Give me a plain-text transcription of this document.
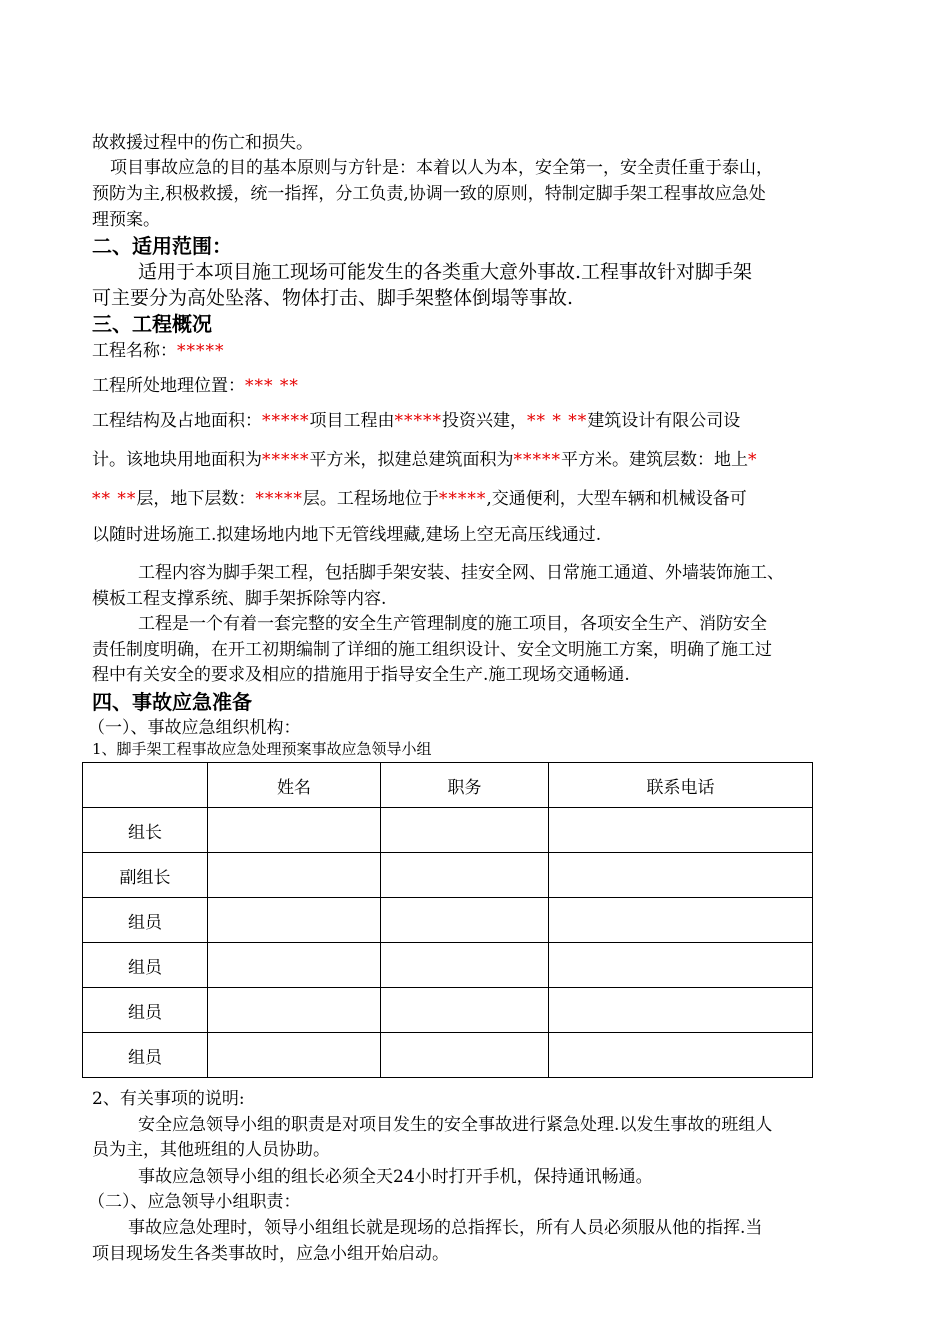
故救援过程中的伤亡和损失。
项目事故应急的目的基本原则与方针是：本着以人为本，安全第一，安全责任重于泰山，
预防为主,积极救援，统一指挥，分工负责,协调一致的原则，特制定脚手架工程事故应急处
理预案。
二、适用范围：
适用于本项目施工现场可能发生的各类重大意外事故.工程事故针对脚手架
可主要分为高处坠落、物体打击、脚手架整体倒塌等事故.
三、工程概况
工程名称：*****
工程所处地理位置：*** **
工程结构及占地面积：*****项目工程由*****投资兴建，** * **建筑设计有限公司设
计。该地块用地面积为*****平方米，拟建总建筑面积为*****平方米。建筑层数：地上*
** **层，地下层数：*****层。工程场地位于*****,交通便利，大型车辆和机械设备可
以随时进场施工.拟建场地内地下无管线埋藏,建场上空无高压线通过.
工程内容为脚手架工程，包括脚手架安装、挂安全网、日常施工通道、外墙装饰施工、
模板工程支撑系统、脚手架拆除等内容.
工程是一个有着一套完整的安全生产管理制度的施工项目，各项安全生产、消防安全
责任制度明确，在开工初期编制了详细的施工组织设计、安全文明施工方案，明确了施工过
程中有关安全的要求及相应的措施用于指导安全生产.施工现场交通畅通.
四、事故应急准备
（一）、事故应急组织机构：
1、脚手架工程事故应急处理预案事故应急领导小组
	姓名	职务	联系电话
组长			
副组长			
组员			
组员			
组员			
组员			
2、有关事项的说明:
安全应急领导小组的职责是对项目发生的安全事故进行紧急处理.以发生事故的班组人
员为主，其他班组的人员协助。
事故应急领导小组的组长必须全天24小时打开手机，保持通讯畅通。
（二）、应急领导小组职责：
事故应急处理时，领导小组组长就是现场的总指挥长，所有人员必须服从他的指挥.当
项目现场发生各类事故时，应急小组开始启动。
